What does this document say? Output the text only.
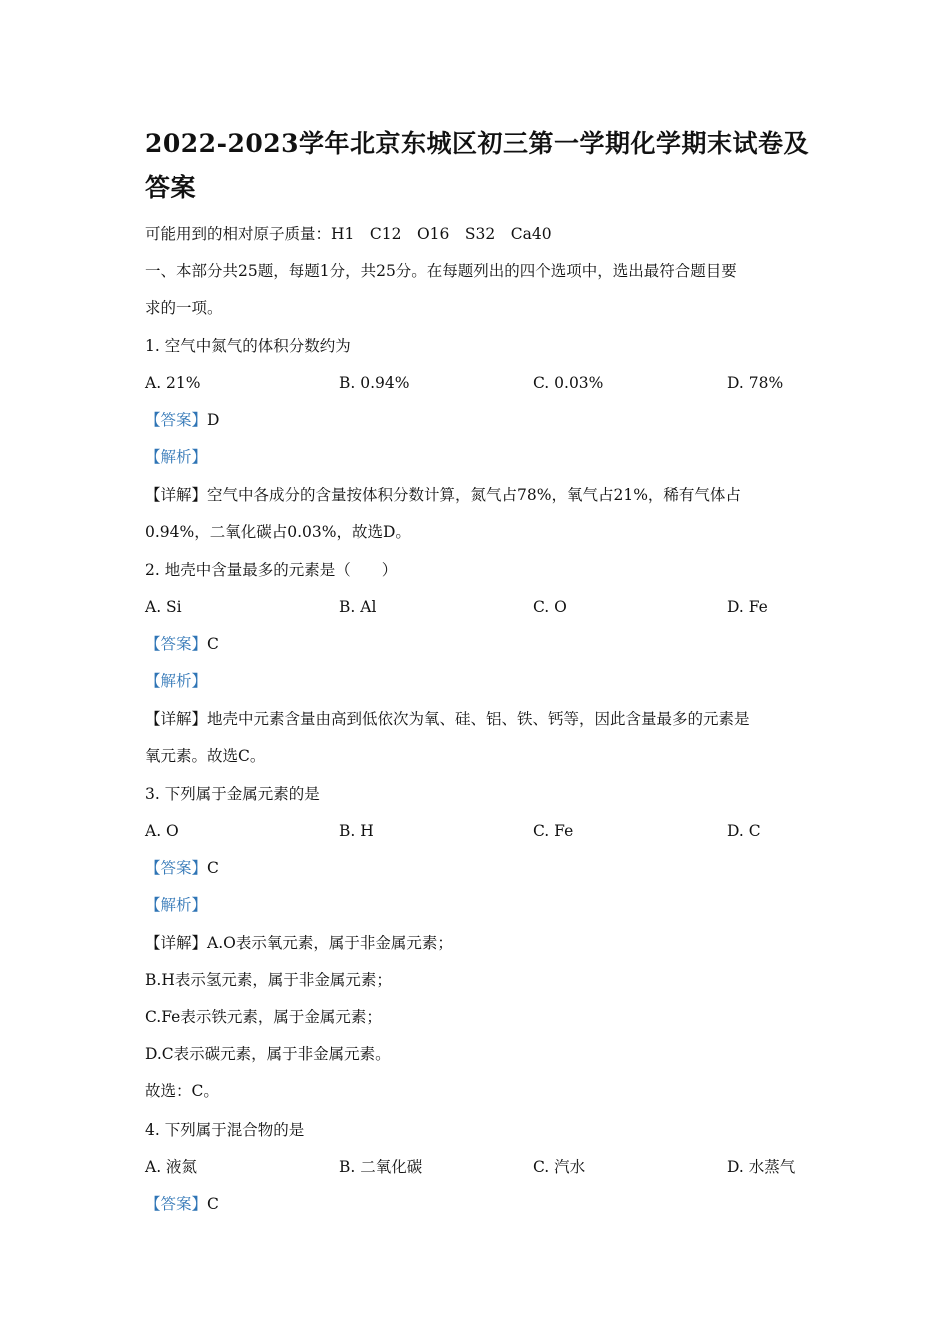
2022-2023学年北京东城区初三第一学期化学期末试卷及答案
可能用到的相对原子质量：H1　C12　O16　S32　Ca40
一、本部分共25题，每题1分，共25分。在每题列出的四个选项中，选出最符合题目要
求的一项。
1. 空气中氮气的体积分数约为
A. 21%	B. 0.94%	C. 0.03%	D. 78%
【答案】D
【解析】
【详解】空气中各成分的含量按体积分数计算，氮气占78%，氧气占21%，稀有气体占
0.94%，二氧化碳占0.03%，故选D。
2. 地壳中含量最多的元素是（　　）
A. Si	B. Al	C. O	D. Fe
【答案】C
【解析】
【详解】地壳中元素含量由高到低依次为氧、硅、铝、铁、钙等，因此含量最多的元素是
氧元素。故选C。
3. 下列属于金属元素的是
A. O	B. H	C. Fe	D. C
【答案】C
【解析】
【详解】A.O表示氧元素，属于非金属元素；
B.H表示氢元素，属于非金属元素；
C.Fe表示铁元素，属于金属元素；
D.C表示碳元素，属于非金属元素。
故选：C。
4. 下列属于混合物的是
A. 液氮	B. 二氧化碳	C. 汽水	D. 水蒸气
【答案】C
